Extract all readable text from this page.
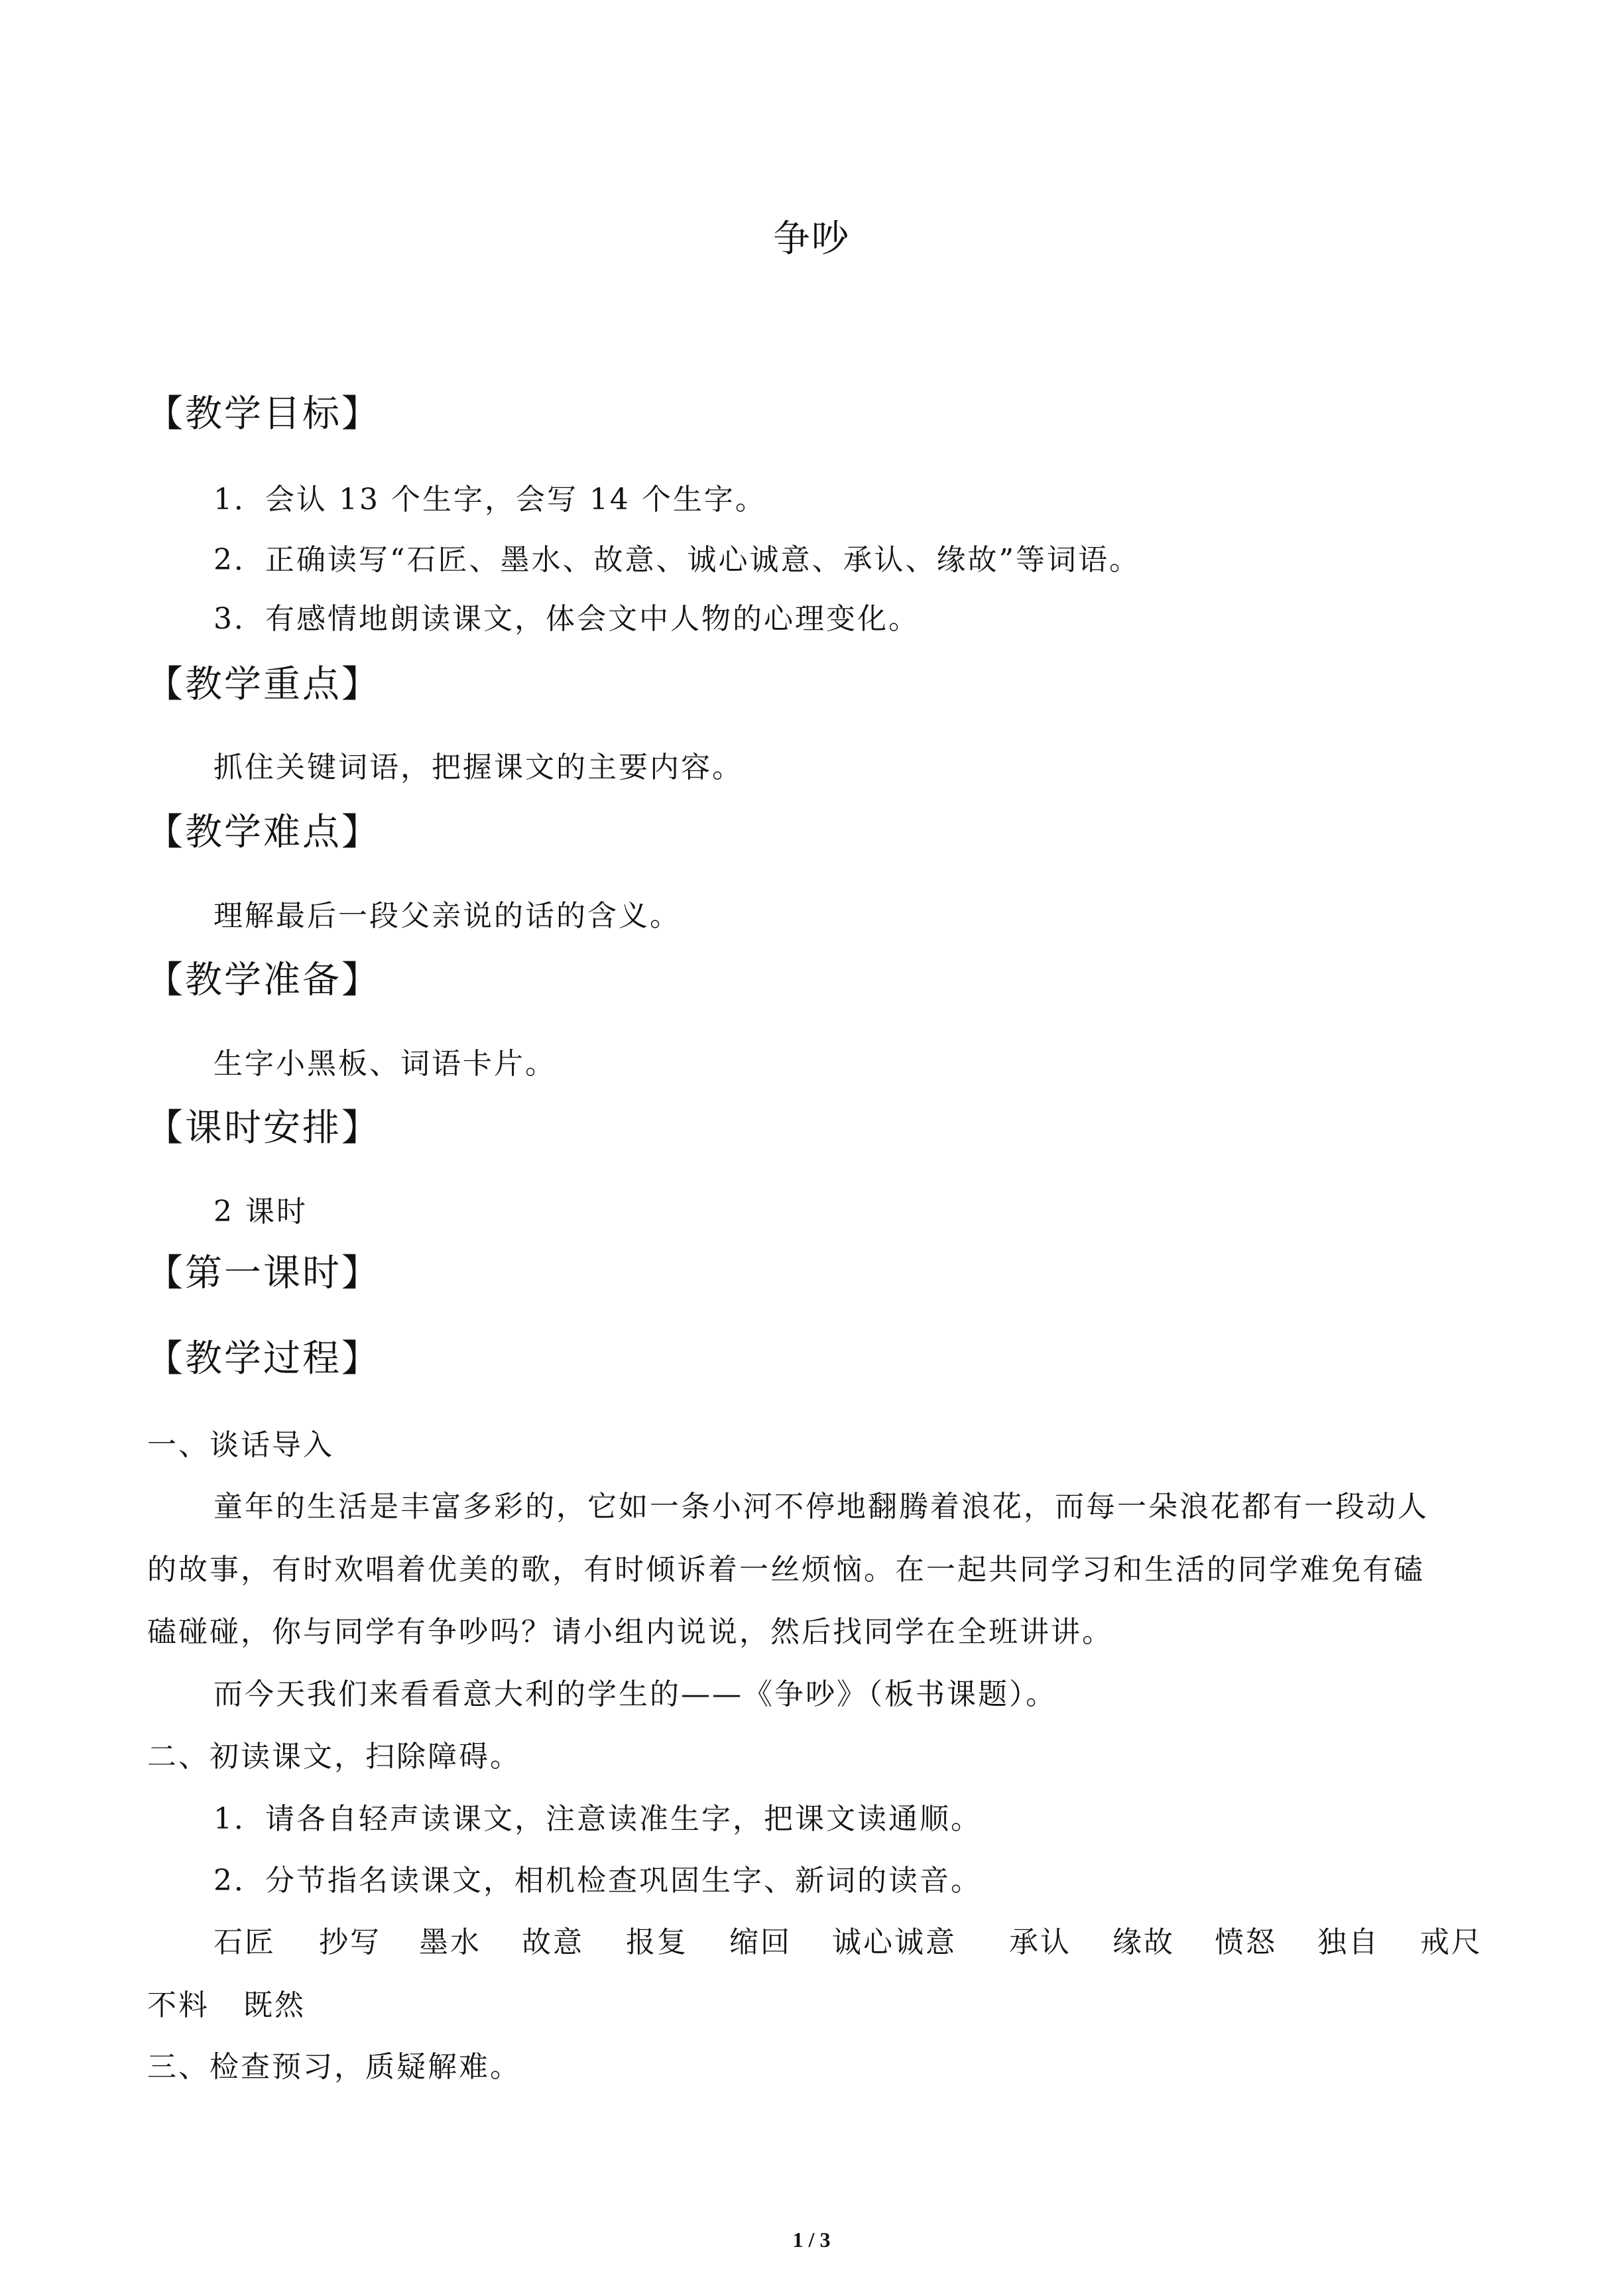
争吵
【教学目标】
1．会认 13 个生字，会写 14 个生字。
2．正确读写“石匠、墨水、故意、诚心诚意、承认、缘故”等词语。
3．有感情地朗读课文，体会文中人物的心理变化。
【教学重点】
抓住关键词语，把握课文的主要内容。
【教学难点】
理解最后一段父亲说的话的含义。
【教学准备】
生字小黑板、词语卡片。
【课时安排】
2 课时
【第一课时】
【教学过程】
一、谈话导入
童年的生活是丰富多彩的，它如一条小河不停地翻腾着浪花，而每一朵浪花都有一段动人
的故事，有时欢唱着优美的歌，有时倾诉着一丝烦恼。在一起共同学习和生活的同学难免有磕
磕碰碰，你与同学有争吵吗？请小组内说说，然后找同学在全班讲讲。
而今天我们来看看意大利的学生的——《争吵》（板书课题）。
二、初读课文，扫除障碍。
1．请各自轻声读课文，注意读准生字，把课文读通顺。
2．分节指名读课文，相机检查巩固生字、新词的读音。
石匠 抄写 墨水 故意 报复 缩回 诚心诚意 承认 缘故 愤怒 独自 戒尺
不料 既然
三、检查预习，质疑解难。
1 / 3
